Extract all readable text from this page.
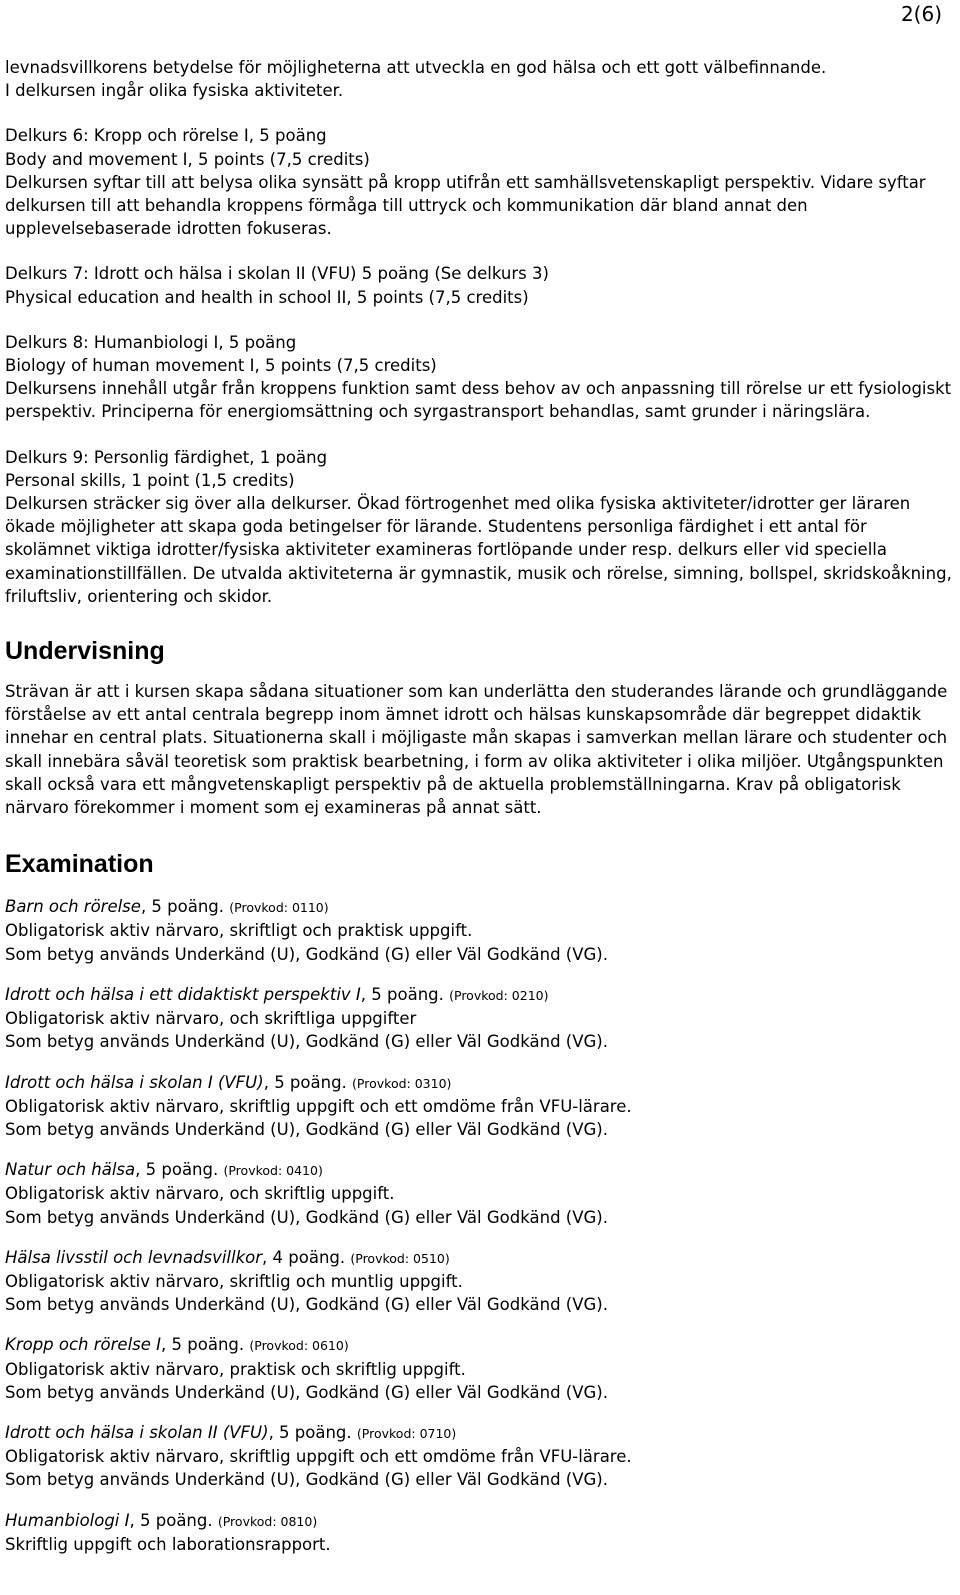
2(6)

levnadsvillkorens betydelse för möjligheterna att utveckla en god hälsa och ett gott välbefinnande.

I delkursen ingår olika fysiska aktiviteter.

Delkurs 6: Kropp och rörelse I, 5 poäng

Body and movement I, 5 points (7,5 credits)

Delkursen syftar till att belysa olika synsätt på kropp utifrån ett samhällsvetenskapligt perspektiv. Vidare syftar delkursen till att behandla kroppens förmåga till uttryck och kommunikation där bland annat den upplevelsebaserade idrotten fokuseras.

Delkurs 7: Idrott och hälsa i skolan II (VFU) 5 poäng (Se delkurs 3)

Physical education and health in school II, 5 points (7,5 credits)

Delkurs 8: Humanbiologi I, 5 poäng

Biology of human movement I, 5 points (7,5 credits)

Delkursens innehåll utgår från kroppens funktion samt dess behov av och anpassning till rörelse ur ett fysiologiskt perspektiv. Principerna för energiomsättning och syrgastransport behandlas, samt grunder i näringslära.

Delkurs 9: Personlig färdighet, 1 poäng

Personal skills, 1 point (1,5 credits)

Delkursen sträcker sig över alla delkurser. Ökad förtrogenhet med olika fysiska aktiviteter/idrotter ger läraren ökade möjligheter att skapa goda betingelser för lärande. Studentens personliga färdighet i ett antal för skolämnet viktiga idrotter/fysiska aktiviteter examineras fortlöpande under resp. delkurs eller vid speciella examinationstillfällen. De utvalda aktiviteterna är gymnastik, musik och rörelse, simning, bollspel, skridskoåkning, friluftsliv, orientering och skidor.

Undervisning

Strävan är att i kursen skapa sådana situationer som kan underlätta den studerandes lärande och grundläggande förståelse av ett antal centrala begrepp inom ämnet idrott och hälsas kunskapsområde där begreppet didaktik innehar en central plats. Situationerna skall i möjligaste mån skapas i samverkan mellan lärare och studenter och skall innebära såväl teoretisk som praktisk bearbetning, i form av olika aktiviteter i olika miljöer. Utgångspunkten skall också vara ett mångvetenskapligt perspektiv på de aktuella problemställningarna. Krav på obligatorisk närvaro förekommer i moment som ej examineras på annat sätt.

Examination

Barn och rörelse, 5 poäng. (Provkod: 0110)

Obligatorisk aktiv närvaro, skriftligt och praktisk uppgift.

Som betyg används Underkänd (U), Godkänd (G) eller Väl Godkänd (VG).

Idrott och hälsa i ett didaktiskt perspektiv I, 5 poäng. (Provkod: 0210)

Obligatorisk aktiv närvaro, och skriftliga uppgifter

Som betyg används Underkänd (U), Godkänd (G) eller Väl Godkänd (VG).

Idrott och hälsa i skolan I (VFU), 5 poäng. (Provkod: 0310)

Obligatorisk aktiv närvaro, skriftlig uppgift och ett omdöme från VFU-lärare.

Som betyg används Underkänd (U), Godkänd (G) eller Väl Godkänd (VG).

Natur och hälsa, 5 poäng. (Provkod: 0410)

Obligatorisk aktiv närvaro, och skriftlig uppgift.

Som betyg används Underkänd (U), Godkänd (G) eller Väl Godkänd (VG).

Hälsa livsstil och levnadsvillkor, 4 poäng. (Provkod: 0510)

Obligatorisk aktiv närvaro, skriftlig och muntlig uppgift.

Som betyg används Underkänd (U), Godkänd (G) eller Väl Godkänd (VG).

Kropp och rörelse I, 5 poäng. (Provkod: 0610)

Obligatorisk aktiv närvaro, praktisk och skriftlig uppgift.

Som betyg används Underkänd (U), Godkänd (G) eller Väl Godkänd (VG).

Idrott och hälsa i skolan II (VFU), 5 poäng. (Provkod: 0710)

Obligatorisk aktiv närvaro, skriftlig uppgift och ett omdöme från VFU-lärare.

Som betyg används Underkänd (U), Godkänd (G) eller Väl Godkänd (VG).

Humanbiologi I, 5 poäng. (Provkod: 0810)

Skriftlig uppgift och laborationsrapport.
